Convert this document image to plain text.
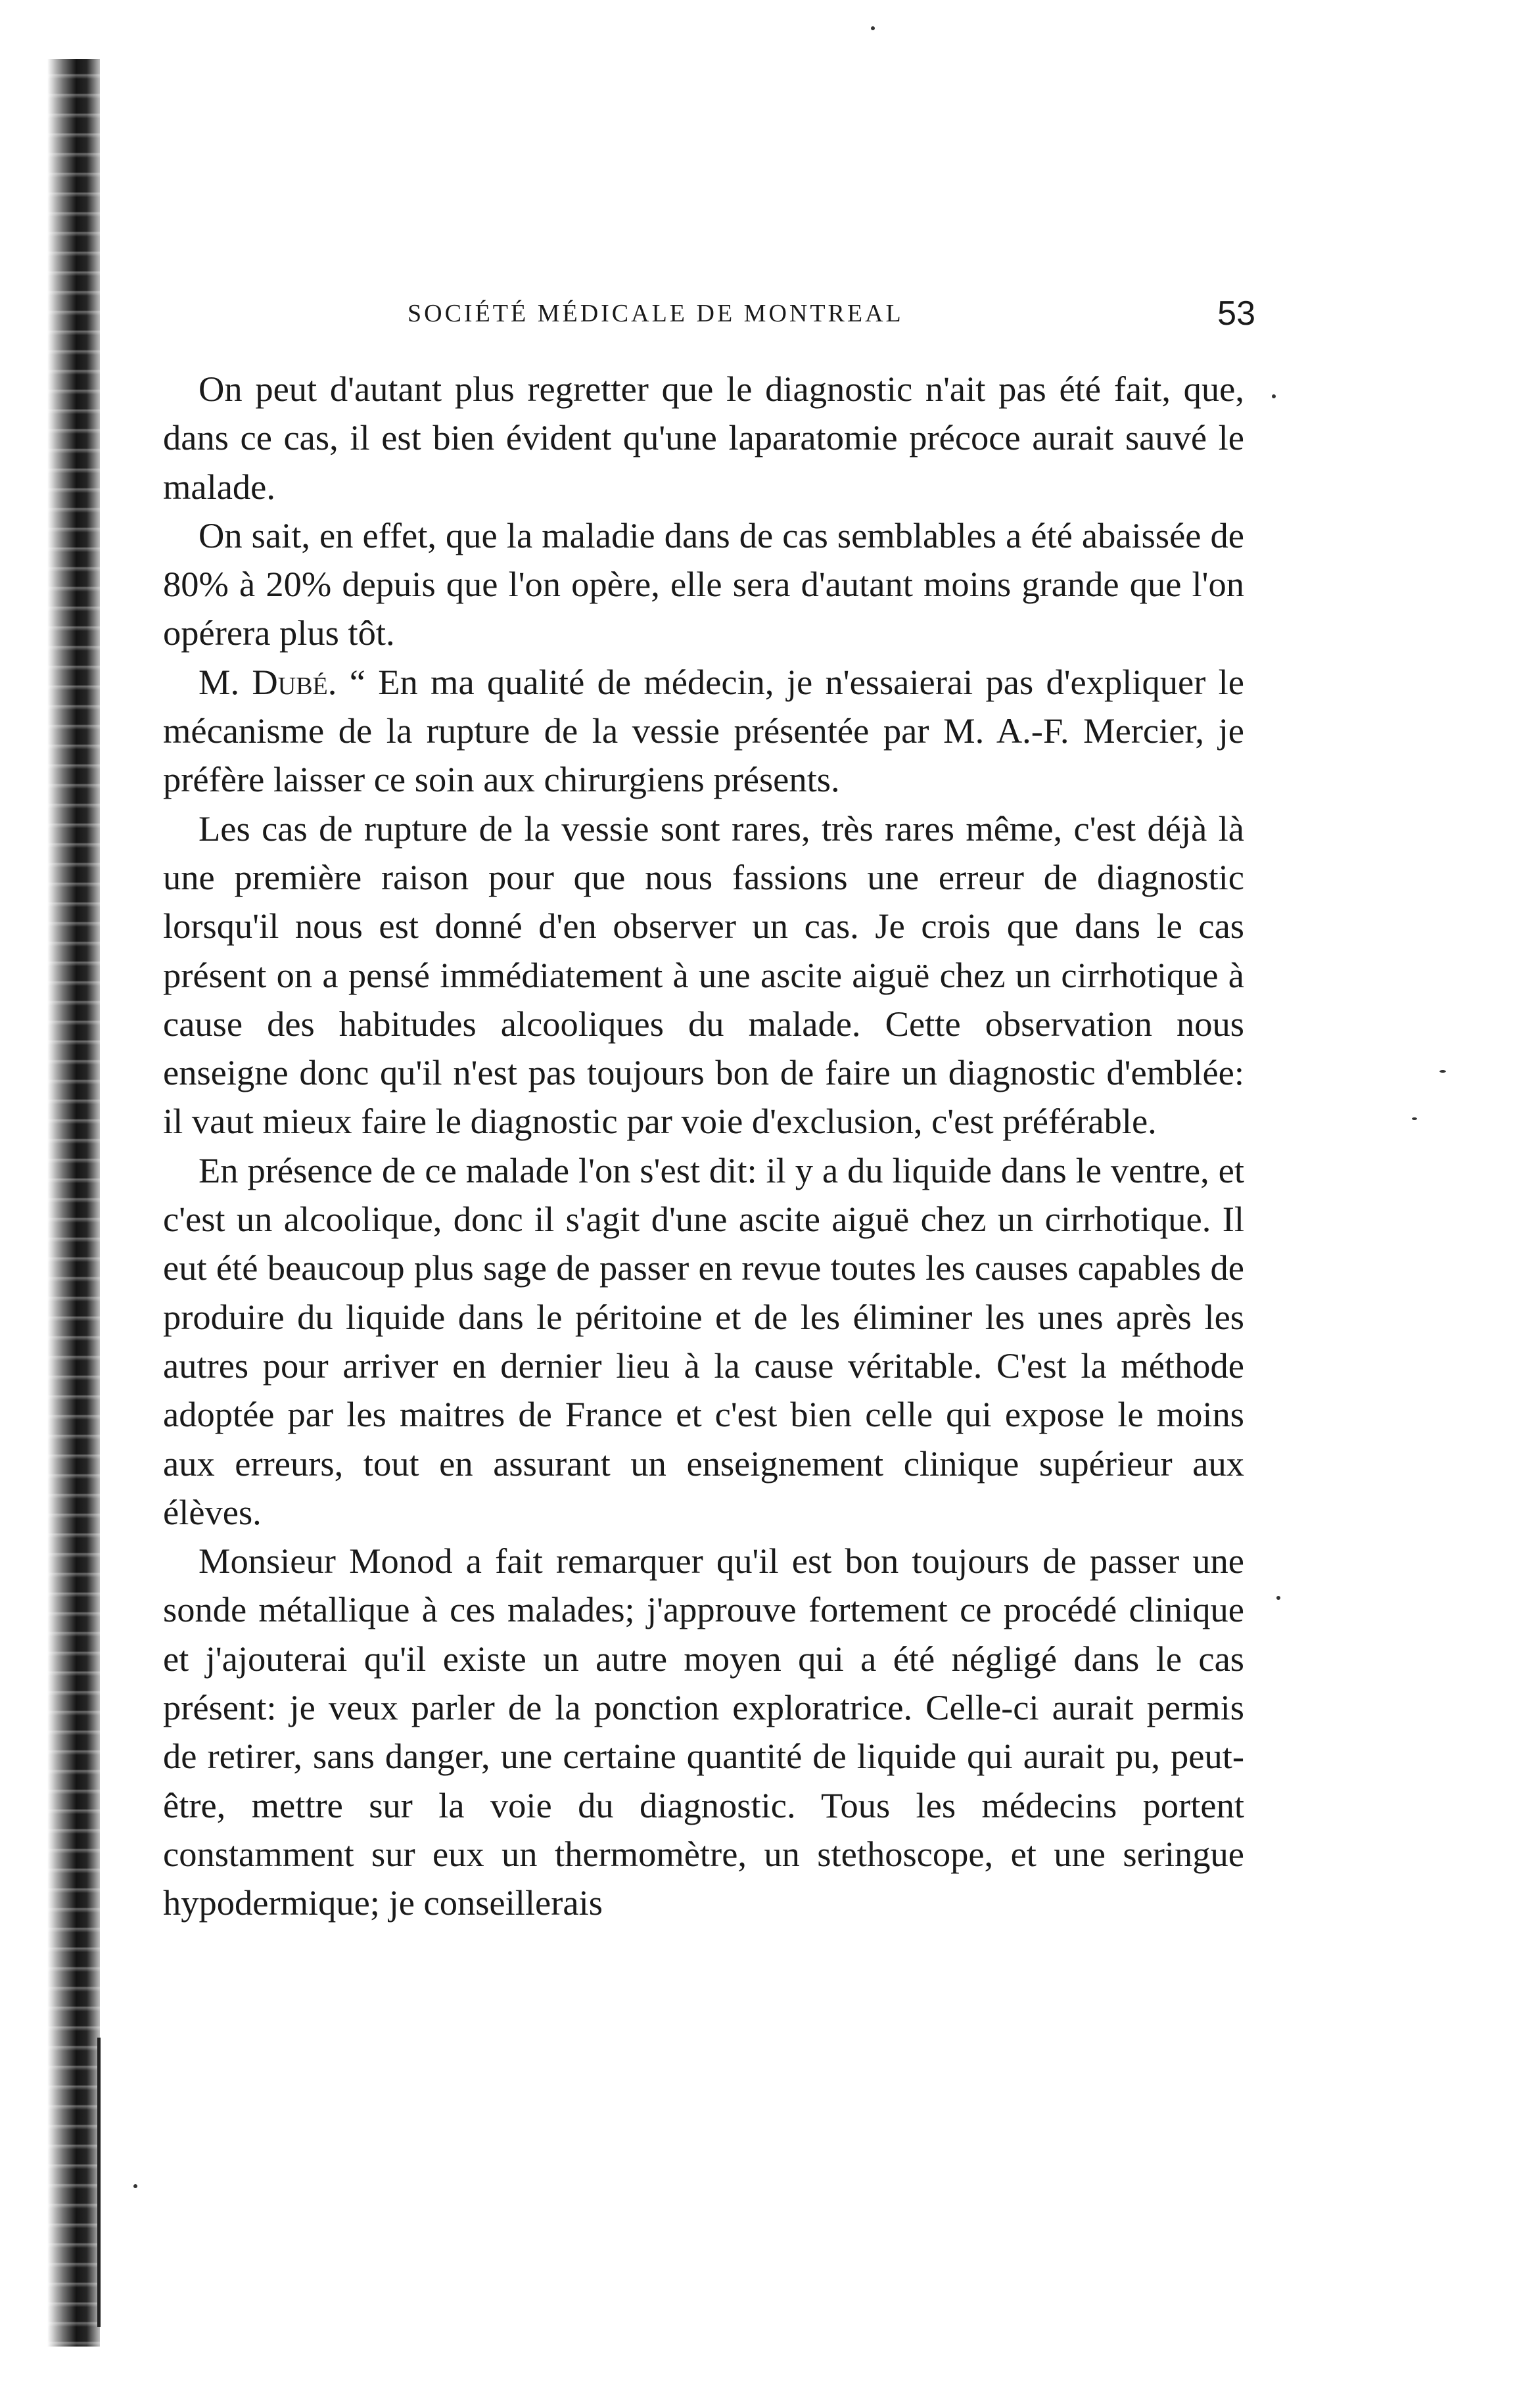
SOCIÉTÉ MÉDICALE DE MONTREAL	53

On peut d'autant plus regretter que le diagnostic n'ait pas été fait, que, dans ce cas, il est bien évident qu'une laparatomie précoce aurait sauvé le malade.

On sait, en effet, que la maladie dans de cas semblables a été abaissée de 80% à 20% depuis que l'on opère, elle sera d'autant moins grande que l'on opérera plus tôt.

M. Dubé. “ En ma qualité de médecin, je n'essaierai pas d'expliquer le mécanisme de la rupture de la vessie présentée par M. A.-F. Mercier, je préfère laisser ce soin aux chirurgiens présents.

Les cas de rupture de la vessie sont rares, très rares même, c'est déjà là une première raison pour que nous fassions une erreur de diagnostic lorsqu'il nous est donné d'en observer un cas. Je crois que dans le cas présent on a pensé immédiatement à une ascite aiguë chez un cirrhotique à cause des habitudes alcooliques du malade. Cette observation nous enseigne donc qu'il n'est pas toujours bon de faire un diagnostic d'emblée: il vaut mieux faire le diagnostic par voie d'exclusion, c'est préférable.

En présence de ce malade l'on s'est dit: il y a du liquide dans le ventre, et c'est un alcoolique, donc il s'agit d'une ascite aiguë chez un cirrhotique. Il eut été beaucoup plus sage de passer en revue toutes les causes capables de produire du liquide dans le péritoine et de les éliminer les unes après les autres pour arriver en dernier lieu à la cause véritable. C'est la méthode adoptée par les maitres de France et c'est bien celle qui expose le moins aux erreurs, tout en assurant un enseignement clinique supérieur aux élèves.

Monsieur Monod a fait remarquer qu'il est bon toujours de passer une sonde métallique à ces malades; j'approuve fortement ce procédé clinique et j'ajouterai qu'il existe un autre moyen qui a été négligé dans le cas présent: je veux parler de la ponction exploratrice. Celle-ci aurait permis de retirer, sans danger, une certaine quantité de liquide qui aurait pu, peut-être, mettre sur la voie du diagnostic. Tous les médecins portent constamment sur eux un thermomètre, un stethoscope, et une seringue hypodermique; je conseillerais
